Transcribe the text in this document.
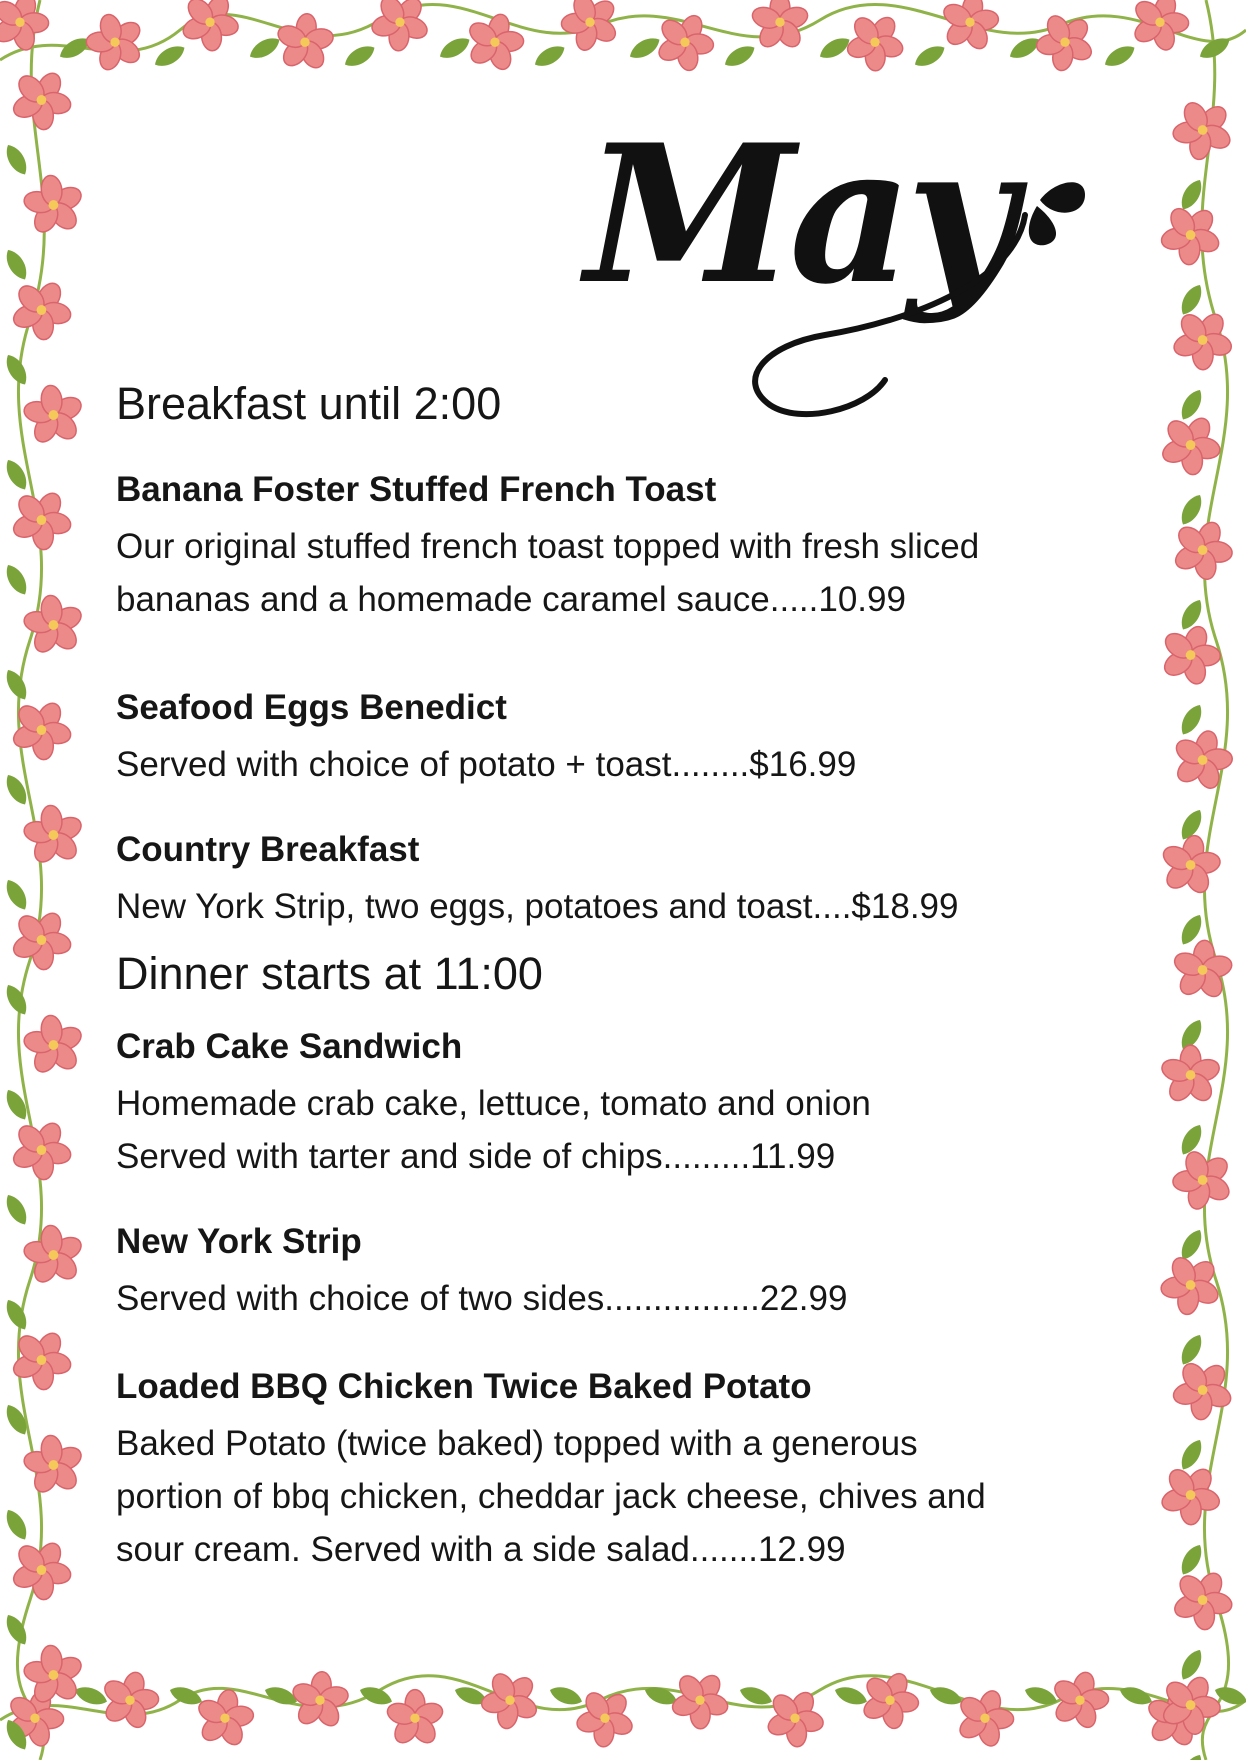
May
Breakfast until 2:00
Banana Foster Stuffed French Toast
Our original stuffed french toast topped with fresh sliced
bananas and a homemade caramel sauce.....10.99
Seafood Eggs Benedict
Served with choice of potato + toast........$16.99
Country Breakfast
New York Strip, two eggs, potatoes and toast....$18.99
Dinner starts at 11:00
Crab Cake Sandwich
Homemade crab cake, lettuce, tomato and onion
Served with tarter and side of chips.........11.99
New York Strip
Served with choice of two sides................22.99
Loaded BBQ Chicken Twice Baked Potato
Baked Potato (twice baked) topped with a generous
portion of bbq chicken, cheddar jack cheese, chives and
sour cream. Served with a side salad.......12.99
